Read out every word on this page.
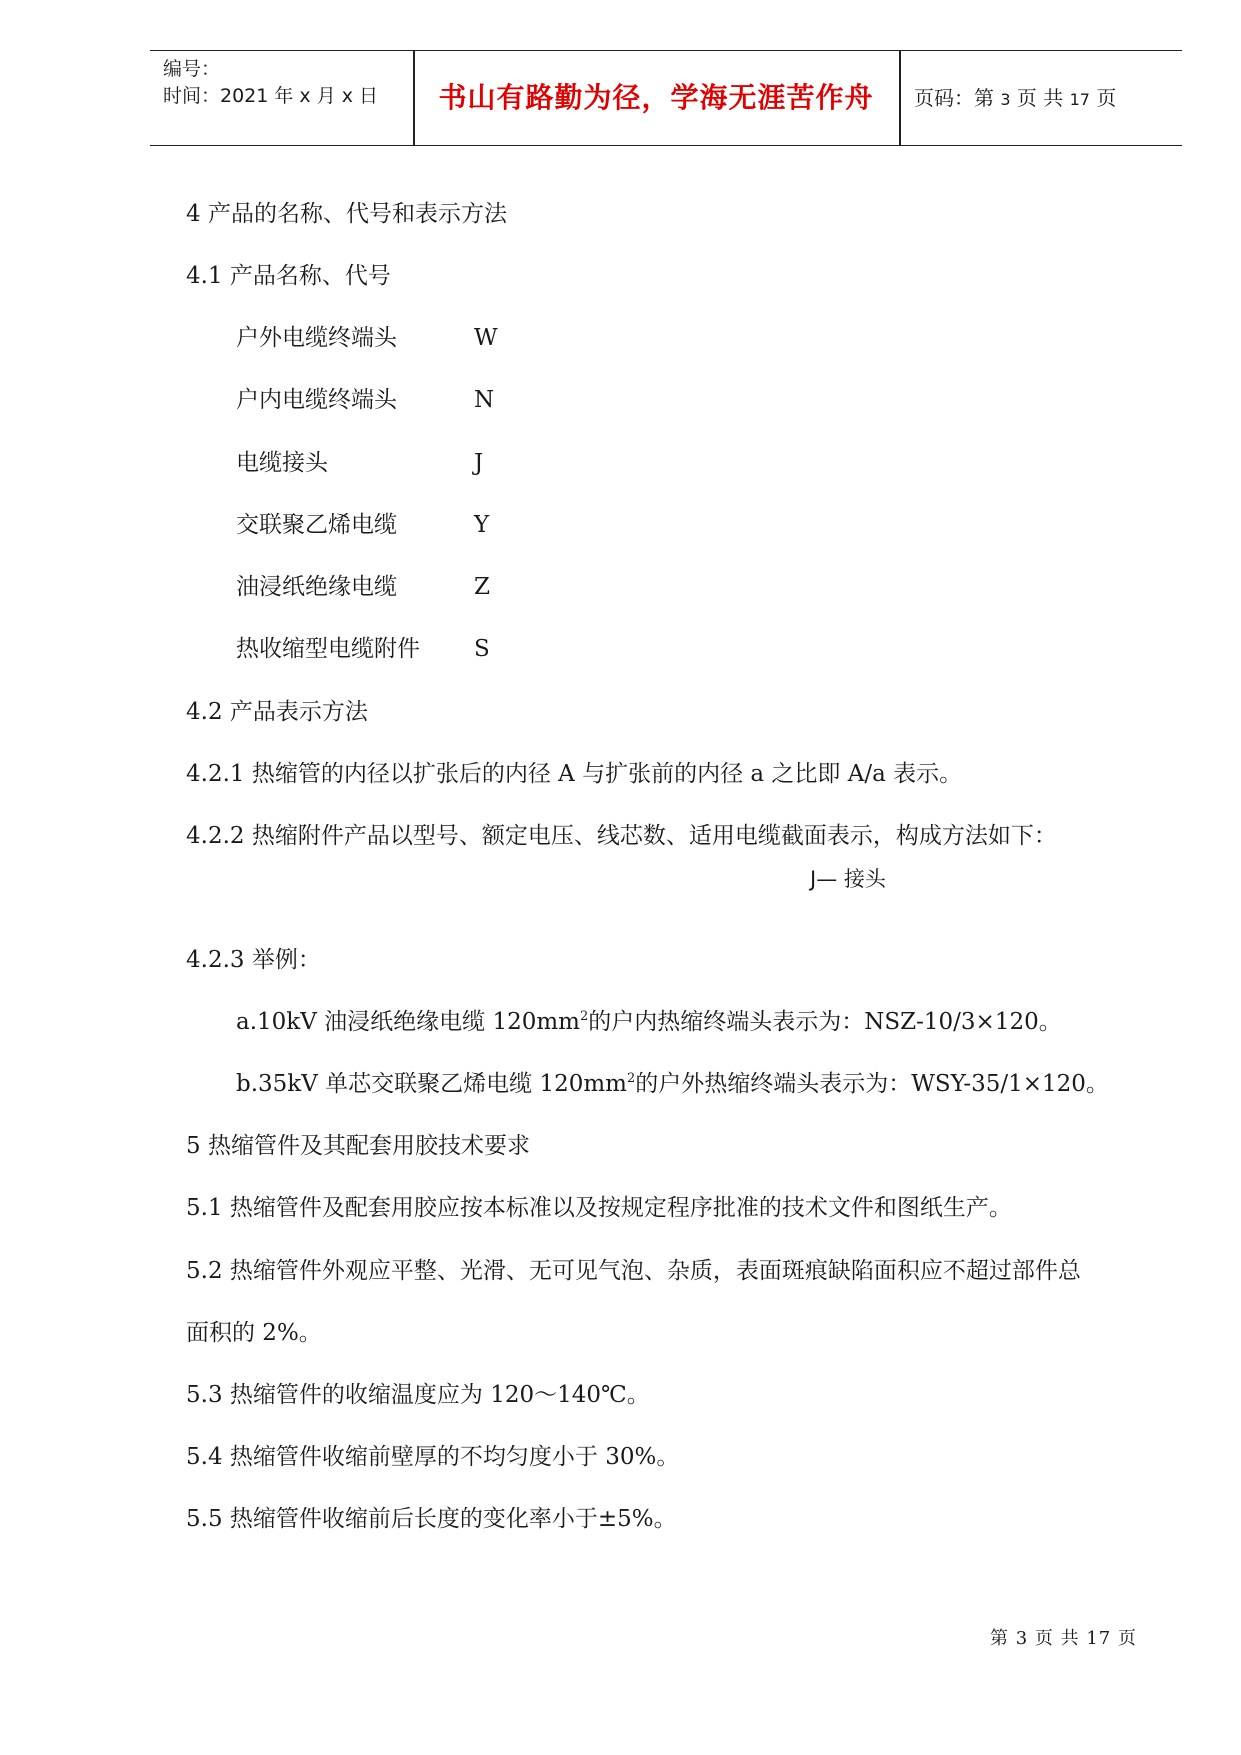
编号：
时间：2021 年 x 月 x 日	书山有路勤为径，学海无涯苦作舟	页码：第 3 页 共 17 页
4 产品的名称、代号和表示方法
4.1 产品名称、代号
户外电缆终端头	W
户内电缆终端头	N
电缆接头	J
交联聚乙烯电缆	Y
油浸纸绝缘电缆	Z
热收缩型电缆附件 S
4.2 产品表示方法
4.2.1 热缩管的内径以扩张后的内径 A 与扩张前的内径 a 之比即 A/a 表示。
4.2.2 热缩附件产品以型号、额定电压、线芯数、适用电缆截面表示，构成方法如下：
J— 接头
4.2.3 举例：
a.10kV 油浸纸绝缘电缆 $120mm^2$的户内热缩终端头表示为：NSZ-10/3×120。
b.35kV 单芯交联聚乙烯电缆 $120mm^2$的户外热缩终端头表示为：WSY-35/1×120。
5 热缩管件及其配套用胶技术要求
5.1 热缩管件及配套用胶应按本标准以及按规定程序批准的技术文件和图纸生产。
5.2 热缩管件外观应平整、光滑、无可见气泡、杂质，表面斑痕缺陷面积应不超过部件总
面积的 2%。
5.3 热缩管件的收缩温度应为 120～140℃。
5.4 热缩管件收缩前壁厚的不均匀度小于 30%。
5.5 热缩管件收缩前后长度的变化率小于±5%。
第 3 页 共 17 页
